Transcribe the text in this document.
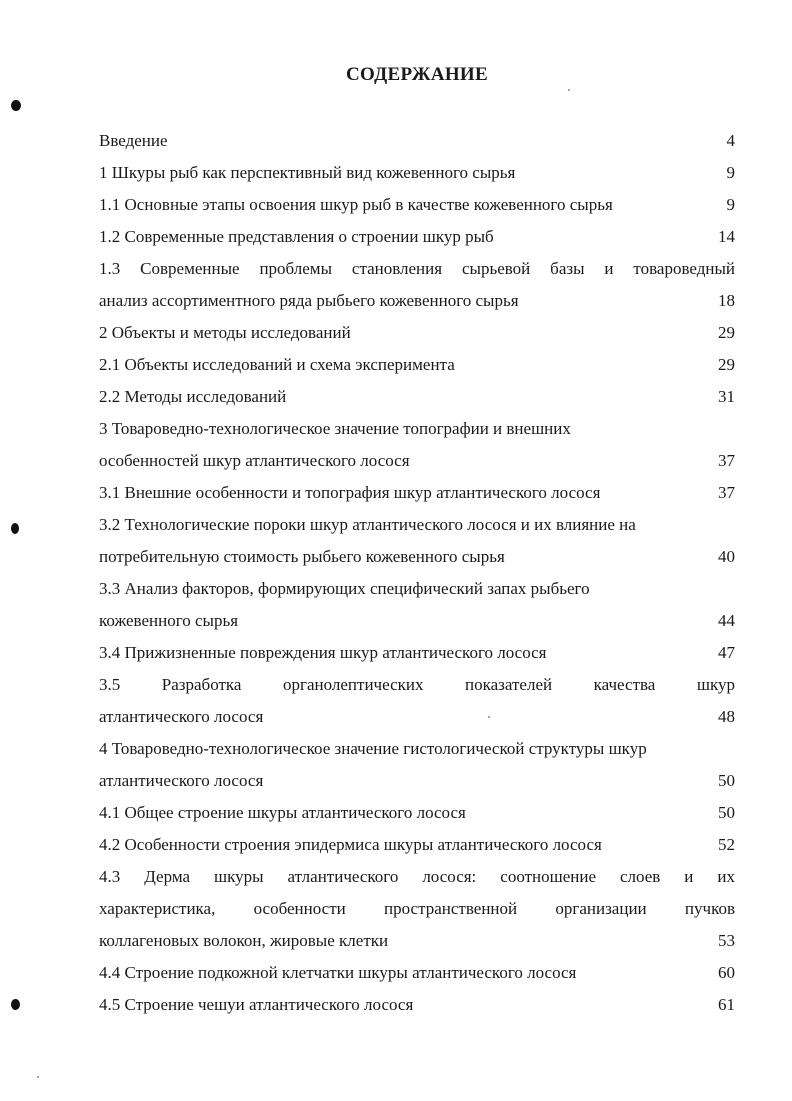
СОДЕРЖАНИЕ
Введение	4
1 Шкуры рыб как перспективный вид кожевенного сырья	9
1.1 Основные этапы освоения шкур рыб в качестве кожевенного сырья	9
1.2 Современные представления о строении шкур рыб	14
1.3 Современные проблемы становления сырьевой базы и товароведный
анализ ассортиментного ряда рыбьего кожевенного сырья	18
2 Объекты и методы исследований	29
2.1 Объекты исследований и схема эксперимента	29
2.2 Методы исследований	31
3 Товароведно-технологическое значение топографии и внешних
особенностей шкур атлантического лосося	37
3.1 Внешние особенности и топография шкур атлантического лосося	37
3.2 Технологические пороки шкур атлантического лосося и их влияние на
потребительную стоимость рыбьего кожевенного сырья	40
3.3 Анализ факторов, формирующих специфический запах рыбьего
кожевенного сырья	44
3.4 Прижизненные повреждения шкур атлантического лосося	47
3.5 Разработка органолептических показателей качества шкур
атлантического лосося	48
4 Товароведно-технологическое значение гистологической структуры шкур
атлантического лосося	50
4.1 Общее строение шкуры атлантического лосося	50
4.2 Особенности строения эпидермиса шкуры атлантического лосося	52
4.3 Дерма шкуры атлантического лосося: соотношение слоев и их
характеристика, особенности пространственной организации пучков
коллагеновых волокон, жировые клетки	53
4.4 Строение подкожной клетчатки шкуры атлантического лосося	60
4.5 Строение чешуи атлантического лосося	61
